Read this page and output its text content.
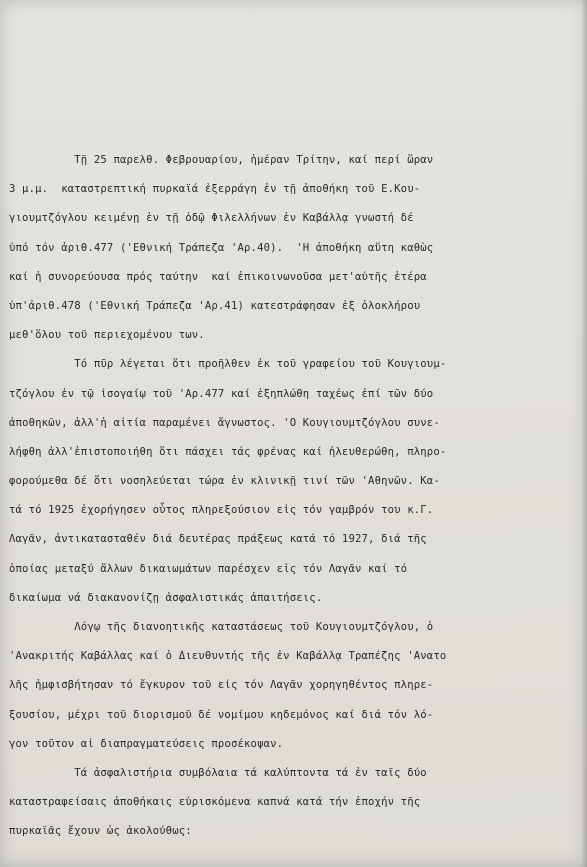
Τῇ 25 παρελθ. Φεβρουαρίου, ἡμέραν Τρίτην, καί περί ὥραν
3 μ.μ.  καταστρεπτική πυρκαϊά ἐξερράγη ἐν τῇ ἀποθήκη τοῦ Ε.Κου-
γιουμτζόγλου κειμένῃ ἐν τῇ ὁδῷ Φιλελλήνων ἐν Καβάλλᾳ γνωστή δέ
ὑπό τόν ἀριθ.477 ('Εθνική Τράπεζα 'Αρ.40).  'Η ἀποθήκη αὕτη καθὼς
καί ἡ συνορεύουσα πρός ταύτην  καί ἐπικοινωνοῦσα μετ'αὐτῆς ἑτέρα
ὑπ'ἀριθ.478 ('Εθνική Τράπεζα 'Αρ.41) κατεστράφησαν ἐξ ὁλοκλήρου
μεθ'ὅλου τοῦ περιεχομένου των.
Τό πῦρ λέγεται ὅτι προῆλθεν ἐκ τοῦ γραφείου τοῦ Κουγιουμ-
τζόγλου ἐν τῷ ἰσογαίῳ τοῦ 'Αρ.477 καί ἐξηπλώθη ταχέως ἐπί τῶν δύο
ἀποθηκῶν, ἀλλ'ἡ αἰτία παραμένει ἄγνωστος. 'Ο Κουγιουμτζόγλου συνε-
λήφθη ἀλλ'ἐπιστοποιήθη ὅτι πάσχει τάς φρένας καί ἠλευθερώθη, πληρο-
φορούμεθα δέ ὅτι νοσηλεύεται τώρα ἐν κλινικῇ τινί τῶν 'Αθηνῶν. Κα-
τά τό 1925 ἐχορήγησεν οὗτος πληρεξούσιον εἰς τόν γαμβρόν του κ.Γ.
Λαγᾶν, ἀντικατασταθέν διά δευτέρας πράξεως κατά τό 1927, διά τῆς
ὁποίας μεταξύ ἄλλων δικαιωμάτων παρέσχεν εἰς τόν Λαγᾶν καί τό
δικαίωμα νά διακανονίζῃ ἀσφαλιστικάς ἀπαιτήσεις.
Λόγῳ τῆς διανοητικῆς καταστάσεως τοῦ Κουγιουμτζόγλου, ὁ
'Ανακριτής Καβάλλας καί ὁ Διευθυντής τῆς ἐν Καβάλλᾳ Τραπέζης 'Ανατο
λῆς ἠμφισβήτησαν τό ἔγκυρον τοῦ εἰς τόν Λαγᾶν χορηγηθέντος πληρε-
ξουσίου, μέχρι τοῦ διορισμοῦ δέ νομίμου κηδεμόνος καί διά τόν λό-
γον τοῦτον αἱ διαπραγματεύσεις προσέκοψαν.
Τά ἀσφαλιστήρια συμβόλαια τά καλύπτοντα τά ἐν ταῖς δύο
καταστραφείσαις ἀποθήκαις εὑρισκόμενα καπνά κατά τήν ἐποχήν τῆς
πυρκαϊᾶς ἔχουν ὡς ἀκολούθως:
